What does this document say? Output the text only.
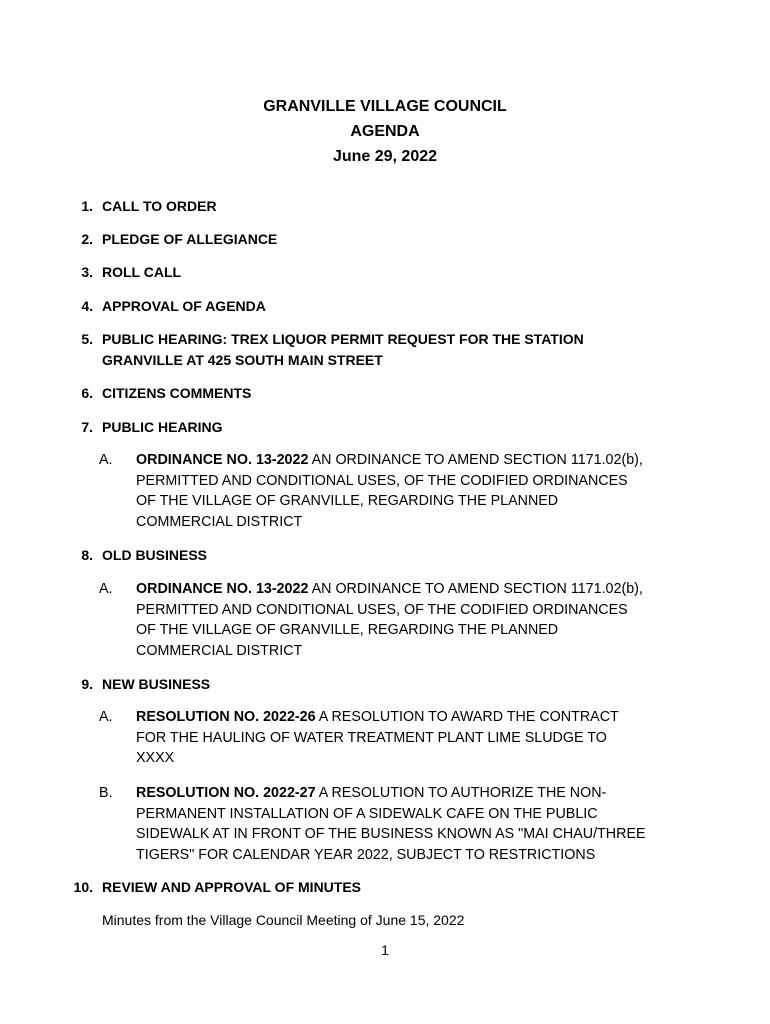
GRANVILLE VILLAGE COUNCIL
AGENDA
June 29, 2022
1. CALL TO ORDER
2. PLEDGE OF ALLEGIANCE
3. ROLL CALL
4. APPROVAL OF AGENDA
5. PUBLIC HEARING: TREX LIQUOR PERMIT REQUEST FOR THE STATION
GRANVILLE AT 425 SOUTH MAIN STREET
6. CITIZENS COMMENTS
7. PUBLIC HEARING
A. ORDINANCE NO. 13-2022 AN ORDINANCE TO AMEND SECTION 1171.02(b),
PERMITTED AND CONDITIONAL USES, OF THE CODIFIED ORDINANCES
OF THE VILLAGE OF GRANVILLE, REGARDING THE PLANNED
COMMERCIAL DISTRICT
8. OLD BUSINESS
A. ORDINANCE NO. 13-2022 AN ORDINANCE TO AMEND SECTION 1171.02(b),
PERMITTED AND CONDITIONAL USES, OF THE CODIFIED ORDINANCES
OF THE VILLAGE OF GRANVILLE, REGARDING THE PLANNED
COMMERCIAL DISTRICT
9. NEW BUSINESS
A. RESOLUTION NO. 2022-26 A RESOLUTION TO AWARD THE CONTRACT
FOR THE HAULING OF WATER TREATMENT PLANT LIME SLUDGE TO
XXXX
B. RESOLUTION NO. 2022-27 A RESOLUTION TO AUTHORIZE THE NON-
PERMANENT INSTALLATION OF A SIDEWALK CAFE ON THE PUBLIC
SIDEWALK AT IN FRONT OF THE BUSINESS KNOWN AS "MAI CHAU/THREE
TIGERS" FOR CALENDAR YEAR 2022, SUBJECT TO RESTRICTIONS
10. REVIEW AND APPROVAL OF MINUTES
Minutes from the Village Council Meeting of June 15, 2022
1
